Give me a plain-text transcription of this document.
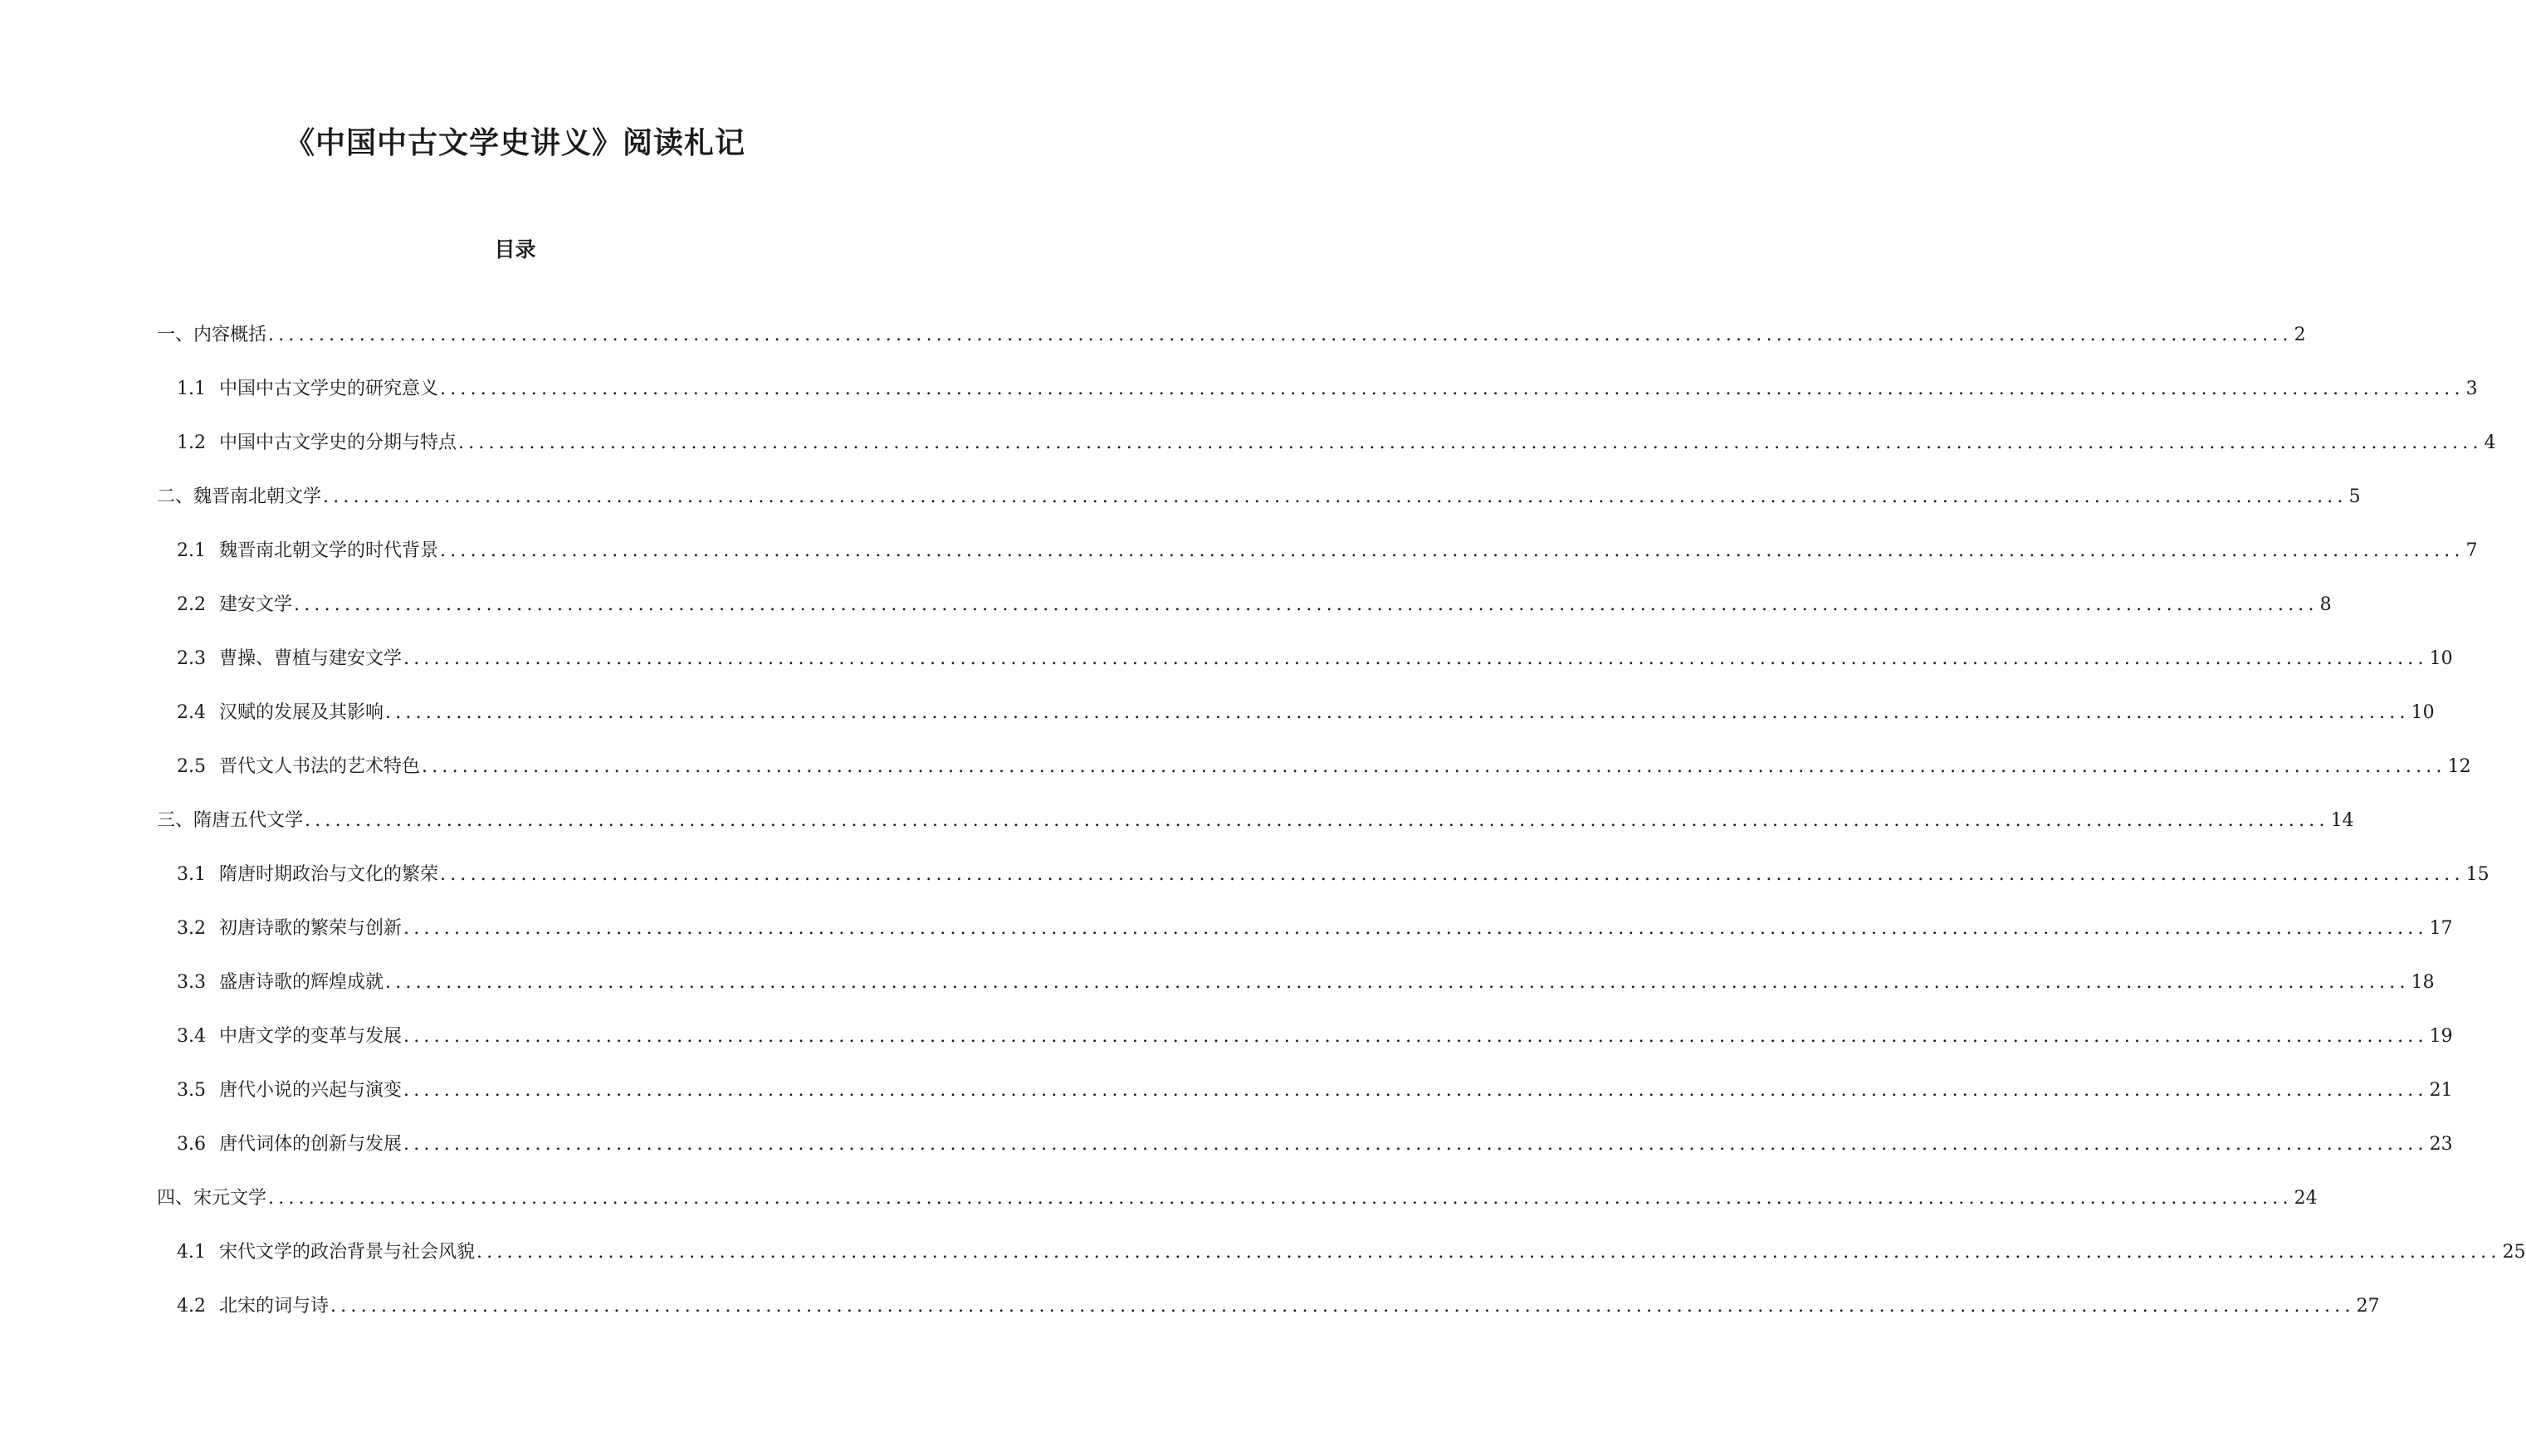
《中国中古文学史讲义》阅读札记
目录
一、内容概括 ........................................................................................................................................................................................................ 2
1.1 中国中古文学史的研究意义 ........................................................................................................................................................................................................ 3
1.2 中国中古文学史的分期与特点 ........................................................................................................................................................................................................ 4
二、魏晋南北朝文学 ........................................................................................................................................................................................................ 5
2.1 魏晋南北朝文学的时代背景 ........................................................................................................................................................................................................ 7
2.2 建安文学 ........................................................................................................................................................................................................ 8
2.3 曹操、曹植与建安文学 ........................................................................................................................................................................................................ 10
2.4 汉赋的发展及其影响 ........................................................................................................................................................................................................ 10
2.5 晋代文人书法的艺术特色 ........................................................................................................................................................................................................ 12
三、隋唐五代文学 ........................................................................................................................................................................................................ 14
3.1 隋唐时期政治与文化的繁荣 ........................................................................................................................................................................................................ 15
3.2 初唐诗歌的繁荣与创新 ........................................................................................................................................................................................................ 17
3.3 盛唐诗歌的辉煌成就 ........................................................................................................................................................................................................ 18
3.4 中唐文学的变革与发展 ........................................................................................................................................................................................................ 19
3.5 唐代小说的兴起与演变 ........................................................................................................................................................................................................ 21
3.6 唐代词体的创新与发展 ........................................................................................................................................................................................................ 23
四、宋元文学 ........................................................................................................................................................................................................ 24
4.1 宋代文学的政治背景与社会风貌 ........................................................................................................................................................................................................ 25
4.2 北宋的词与诗 ........................................................................................................................................................................................................ 27
